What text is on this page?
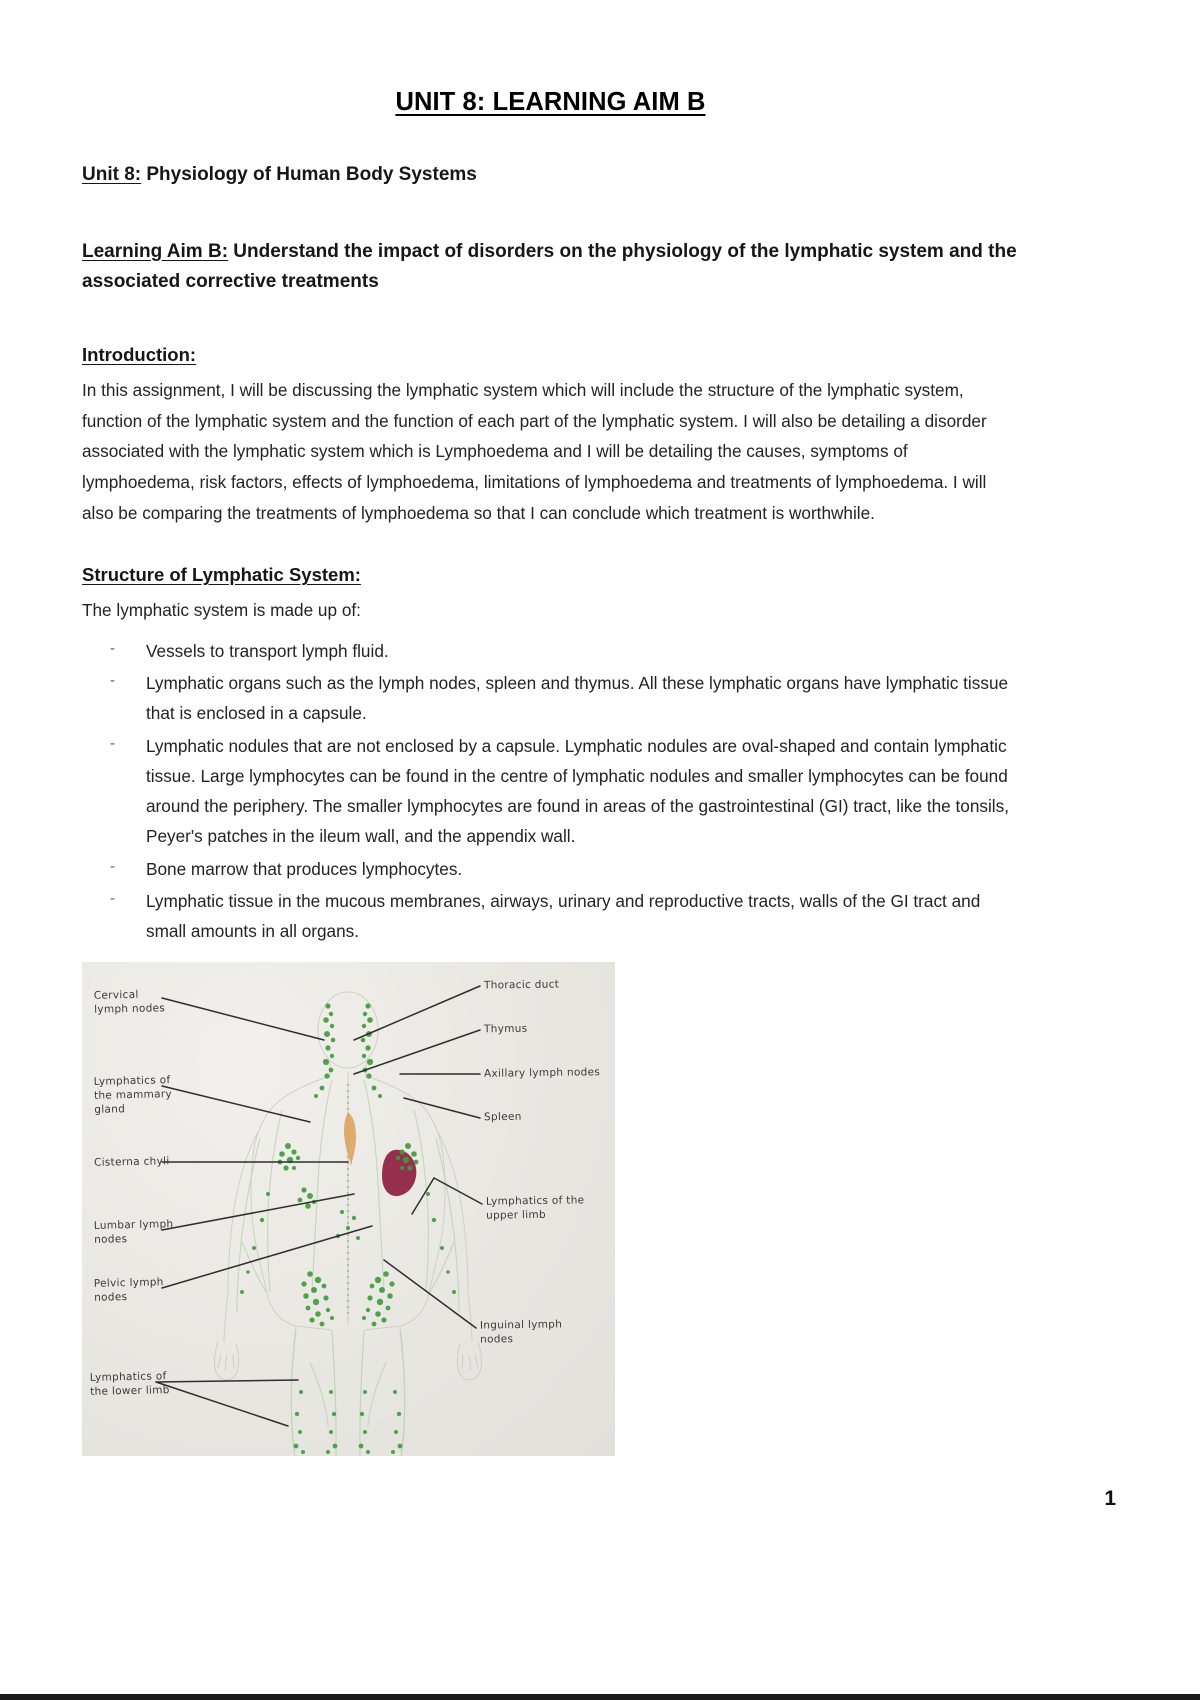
UNIT 8: LEARNING AIM B

Unit 8: Physiology of Human Body Systems

Learning Aim B: Understand the impact of disorders on the physiology of the lymphatic system and the associated corrective treatments

Introduction:

In this assignment, I will be discussing the lymphatic system which will include the structure of the lymphatic system, function of the lymphatic system and the function of each part of the lymphatic system. I will also be detailing a disorder associated with the lymphatic system which is Lymphoedema and I will be detailing the causes, symptoms of lymphoedema, risk factors, effects of lymphoedema, limitations of lymphoedema and treatments of lymphoedema. I will also be comparing the treatments of lymphoedema so that I can conclude which treatment is worthwhile.

Structure of Lymphatic System:

The lymphatic system is made up of:

- Vessels to transport lymph fluid.
- Lymphatic organs such as the lymph nodes, spleen and thymus. All these lymphatic organs have lymphatic tissue that is enclosed in a capsule.
- Lymphatic nodules that are not enclosed by a capsule. Lymphatic nodules are oval-shaped and contain lymphatic tissue. Large lymphocytes can be found in the centre of lymphatic nodules and smaller lymphocytes can be found around the periphery. The smaller lymphocytes are found in areas of the gastrointestinal (GI) tract, like the tonsils, Peyer's patches in the ileum wall, and the appendix wall.
- Bone marrow that produces lymphocytes.
- Lymphatic tissue in the mucous membranes, airways, urinary and reproductive tracts, walls of the GI tract and small amounts in all organs.
Cervical
lymph nodes
Lymphatics of
the mammary
gland
Cisterna chyli
Lumbar lymph
nodes
Pelvic lymph
nodes
Lymphatics of
the lower limb
Thoracic duct
Thymus
Axillary lymph nodes
Spleen
Lymphatics of the
upper limb
Inguinal lymph
nodes
1
